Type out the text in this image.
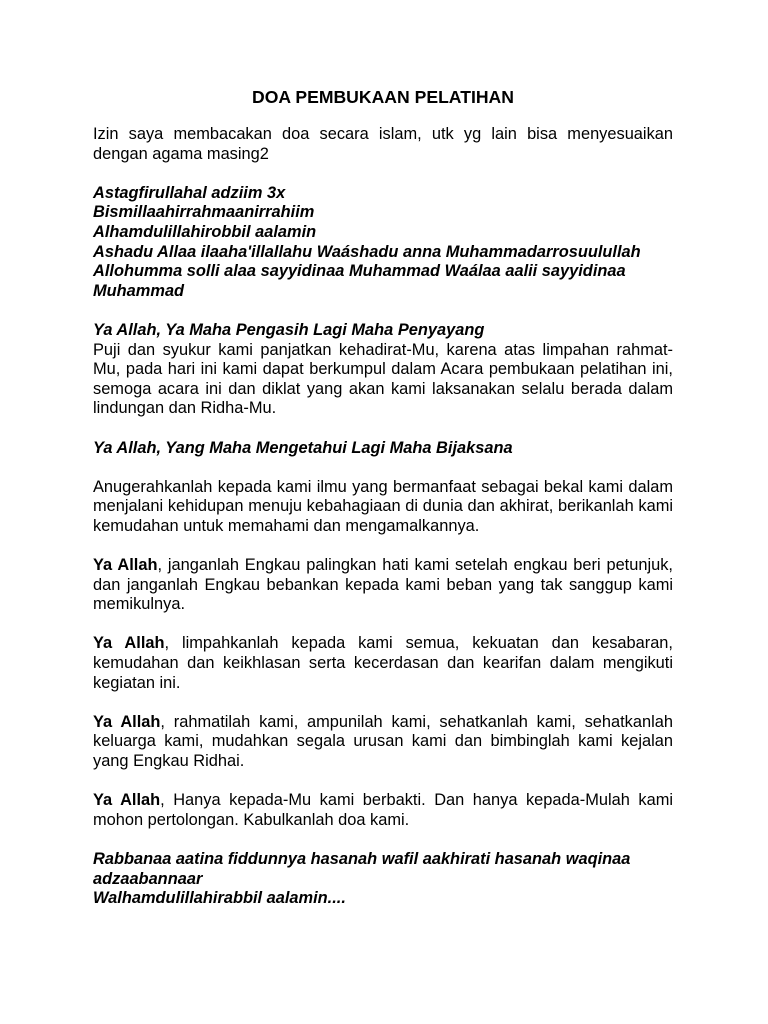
DOA PEMBUKAAN PELATIHAN

Izin saya membacakan doa secara islam, utk yg lain bisa menyesuaikan dengan agama masing2

Astagfirullahal adziim 3x
Bismillaahirrahmaanirrahiim
Alhamdulillahirobbil aalamin
Ashadu Allaa ilaaha'illallahu Waáshadu anna Muhammadarrosuulullah
Allohumma solli alaa sayyidinaa Muhammad Waálaa aalii sayyidinaa Muhammad

Ya Allah, Ya Maha Pengasih Lagi Maha Penyayang

Puji dan syukur kami panjatkan kehadirat-Mu, karena atas limpahan rahmat-Mu, pada hari ini kami dapat berkumpul dalam Acara pembukaan pelatihan ini, semoga acara ini dan diklat yang akan kami laksanakan selalu berada dalam lindungan dan Ridha-Mu.

Ya Allah, Yang Maha Mengetahui Lagi Maha Bijaksana

Anugerahkanlah kepada kami ilmu yang bermanfaat sebagai bekal kami dalam menjalani kehidupan menuju kebahagiaan di dunia dan akhirat, berikanlah kami kemudahan untuk memahami dan mengamalkannya.

Ya Allah, janganlah Engkau palingkan hati kami setelah engkau beri petunjuk, dan janganlah Engkau bebankan kepada kami beban yang tak sanggup kami memikulnya.

Ya Allah, limpahkanlah kepada kami semua, kekuatan dan kesabaran, kemudahan dan keikhlasan serta kecerdasan dan kearifan dalam mengikuti kegiatan ini.

Ya Allah, rahmatilah kami, ampunilah kami, sehatkanlah kami, sehatkanlah keluarga kami, mudahkan segala urusan kami dan bimbinglah kami kejalan yang Engkau Ridhai.

Ya Allah, Hanya kepada-Mu kami berbakti. Dan hanya kepada-Mulah kami mohon pertolongan. Kabulkanlah doa kami.

Rabbanaa aatina fiddunnya hasanah wafil aakhirati hasanah waqinaa adzaabannaar
Walhamdulillahirabbil aalamin....
